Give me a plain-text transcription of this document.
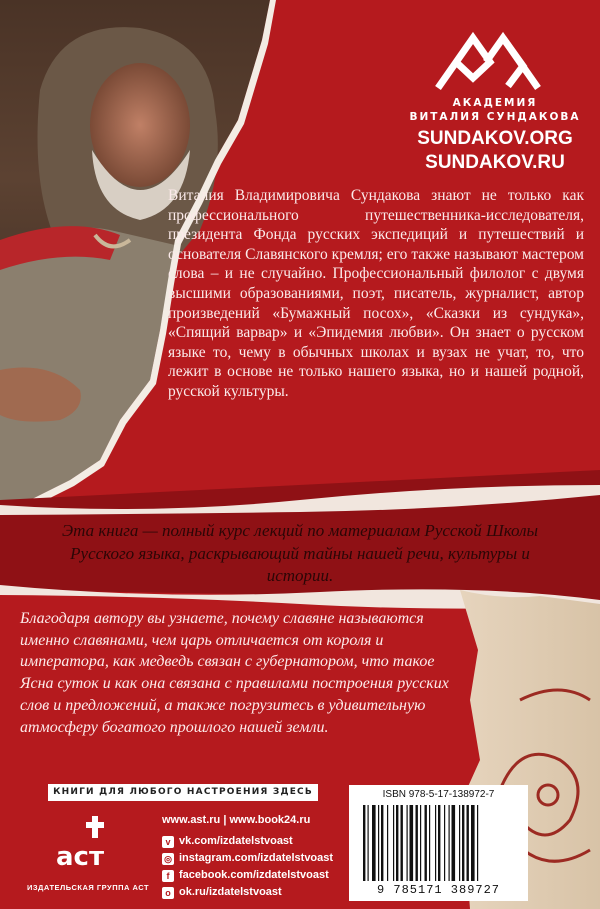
АКАДЕМИЯ
ВИТАЛИЯ СУНДАКОВА
SUNDAKOV.ORG
SUNDAKOV.RU
Виталия Владимировича Сундакова знают не только как профессионального путешественника-исследователя, президента Фонда русских экспедиций и путешествий и основателя Славянского кремля; его также называют мастером слова – и не случайно. Профессиональный филолог с двумя высшими образованиями, поэт, писатель, журналист, автор произведений «Бумажный посох», «Сказки из сундука», «Спящий варвар» и «Эпидемия любви». Он знает о русском языке то, чему в обычных школах и вузах не учат, то, что лежит в основе не только нашего языка, но и нашей родной, русской культуры.
Эта книга — полный курс лекций по материалам Русской Школы Русского языка, раскрывающий тайны нашей речи, культуры и истории.
Благодаря автору вы узнаете, почему славяне называются именно славянами, чем царь отличается от короля и императора, как медведь связан с губернатором, что такое Ясна суток и как она связана с правилами построения русских слов и предложений, а также погрузитесь в удивительную атмосферу богатого прошлого нашей земли.
КНИГИ ДЛЯ ЛЮБОГО НАСТРОЕНИЯ ЗДЕСЬ
аст
ИЗДАТЕЛЬСКАЯ ГРУППА АСТ
www.ast.ru | www.book24.ru
v vk.com/izdatelstvoast
◎ instagram.com/izdatelstvoast
f facebook.com/izdatelstvoast
o ok.ru/izdatelstvoast
ISBN 978-5-17-138972-7
9 785171 389727
